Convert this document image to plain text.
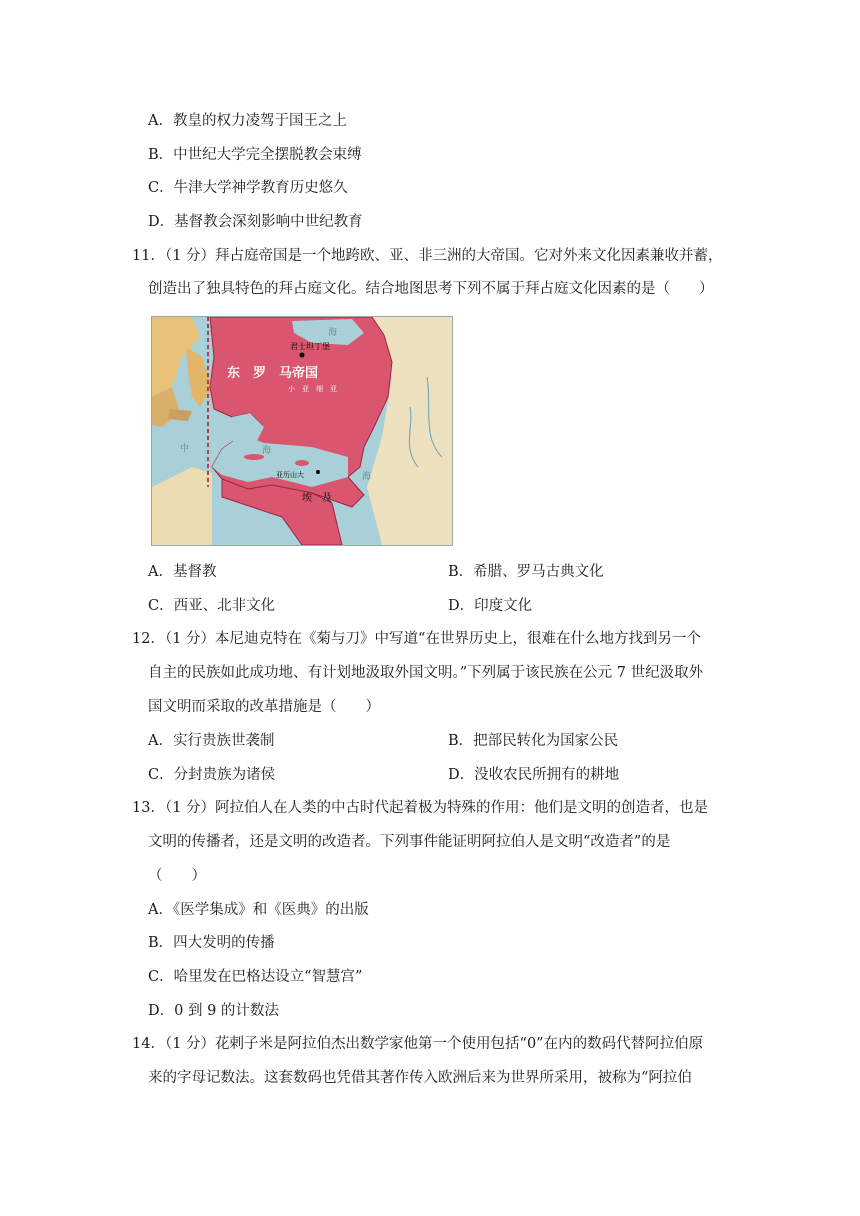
A．教皇的权力凌驾于国王之上
B．中世纪大学完全摆脱教会束缚
C．牛津大学神学教育历史悠久
D．基督教会深刻影响中世纪教育
11．（1 分）拜占庭帝国是一个地跨欧、亚、非三洲的大帝国。它对外来文化因素兼收并蓄，
创造出了独具特色的拜占庭文化。结合地图思考下列不属于拜占庭文化因素的是（　　）
东　罗　马帝国
君士坦丁堡
小　亚　细　亚
亚历山大
埃　及
海
海
海
中
A．基督教	B．希腊、罗马古典文化
C．西亚、北非文化	D．印度文化
12．（1 分）本尼迪克特在《菊与刀》中写道“在世界历史上，很难在什么地方找到另一个
自主的民族如此成功地、有计划地汲取外国文明。”下列属于该民族在公元 7 世纪汲取外
国文明而采取的改革措施是（　　）
A．实行贵族世袭制	B．把部民转化为国家公民
C．分封贵族为诸侯	D．没收农民所拥有的耕地
13．（1 分）阿拉伯人在人类的中古时代起着极为特殊的作用：他们是文明的创造者，也是
文明的传播者，还是文明的改造者。下列事件能证明阿拉伯人是文明“改造者”的是
（　　）
A．《医学集成》和《医典》的出版
B．四大发明的传播
C．哈里发在巴格达设立“智慧宫”
D．0 到 9 的计数法
14．（1 分）花剌子米是阿拉伯杰出数学家他第一个使用包括“0”在内的数码代替阿拉伯原
来的字母记数法。这套数码也凭借其著作传入欧洲后来为世界所采用，被称为“阿拉伯
